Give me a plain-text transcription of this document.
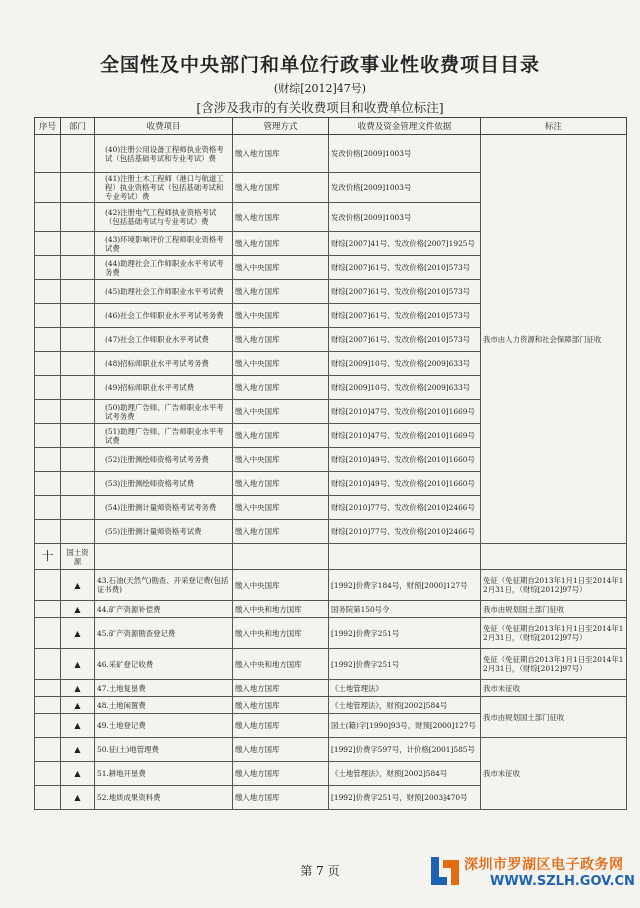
全国性及中央部门和单位行政事业性收费项目目录
(财综[2012]47号)
[含涉及我市的有关收费项目和收费单位标注]
序号	部门	收费项目	管理方式	收费及资金管理文件依据	标注
		(40)注册公用设备工程师执业资格考试（包括基础考试和专业考试）费	缴入地方国库	发改价格[2009]1003号	我市由人力资源和社会保障部门征收
		(41)注册土木工程师（港口与航道工程）执业资格考试（包括基础考试和专业考试）费	缴入地方国库	发改价格[2009]1003号	
		(42)注册电气工程师执业资格考试（包括基础考试与专业考试）费	缴入地方国库	发改价格[2009]1003号	
		(43)环境影响评价工程师职业资格考试费	缴入地方国库	财综[2007]41号、发改价格[2007]1925号	
		(44)助理社会工作师职业水平考试考务费	缴入中央国库	财综[2007]61号、发改价格[2010]573号	
		(45)助理社会工作师职业水平考试费	缴入地方国库	财综[2007]61号、发改价格[2010]573号	
		(46)社会工作师职业水平考试考务费	缴入中央国库	财综[2007]61号、发改价格[2010]573号	
		(47)社会工作师职业水平考试费	缴入地方国库	财综[2007]61号、发改价格[2010]573号	
		(48)招标师职业水平考试考务费	缴入中央国库	财综[2009]10号、发改价格[2009]633号	
		(49)招标师职业水平考试费	缴入地方国库	财综[2009]10号、发改价格[2009]633号	
		(50)助理广告师、广告师职业水平考试考务费	缴入中央国库	财综[2010]47号、发改价格[2010]1669号	
		(51)助理广告师、广告师职业水平考试费	缴入地方国库	财综[2010]47号、发改价格[2010]1669号	
		(52)注册测绘师资格考试考务费	缴入中央国库	财综[2010]49号、发改价格[2010]1660号	
		(53)注册测绘师资格考试费	缴入地方国库	财综[2010]49号、发改价格[2010]1660号	
		(54)注册测计量师资格考试考务费	缴入中央国库	财综[2010]77号、发改价格[2010]2466号	
		(55)注册测计量师资格考试费	缴入地方国库	财综[2010]77号、发改价格[2010]2466号	
十	国土资源				
	▲	43.石油(天然气)勘查、开采登记费(包括证书费)	缴入中央国库	[1992]价费字184号，财预[2000]127号	免征（免征期自2013年1月1日至2014年12月31日，（财综[2012]97号）
	▲	44.矿产资源补偿费	缴入中央和地方国库	国务院第150号令	我市由规划国土部门征收
	▲	45.矿产资源勘查登记费	缴入中央和地方国库	[1992]价费字251号	免征（免征期自2013年1月1日至2014年12月31日，（财综[2012]97号）
	▲	46.采矿登记收费	缴入中央和地方国库	[1992]价费字251号	免征（免征期自2013年1月1日至2014年12月31日，（财综[2012]97号）
	▲	47.土地复垦费	缴入地方国库	《土地管理法》	我市未征收
	▲	48.土地闲置费	缴入地方国库	《土地管理法》，财预[2002]584号	我市由规划国土部门征收
	▲	49.土地登记费	缴入地方国库	国土(籍)字[1990]93号，财预[2000]127号	
	▲	50.征(土)地管理费	缴入地方国库	[1992]价费字597号，计价格[2001]585号	我市未征收
	▲	51.耕地开垦费	缴入地方国库	《土地管理法》，财预[2002]584号	
	▲	52.地质成果资料费	缴入地方国库	[1992]价费字251号，财预[2003]470号	
第 7 页	深圳市罗湖区电子政务网
WWW.SZLH.GOV.CN
